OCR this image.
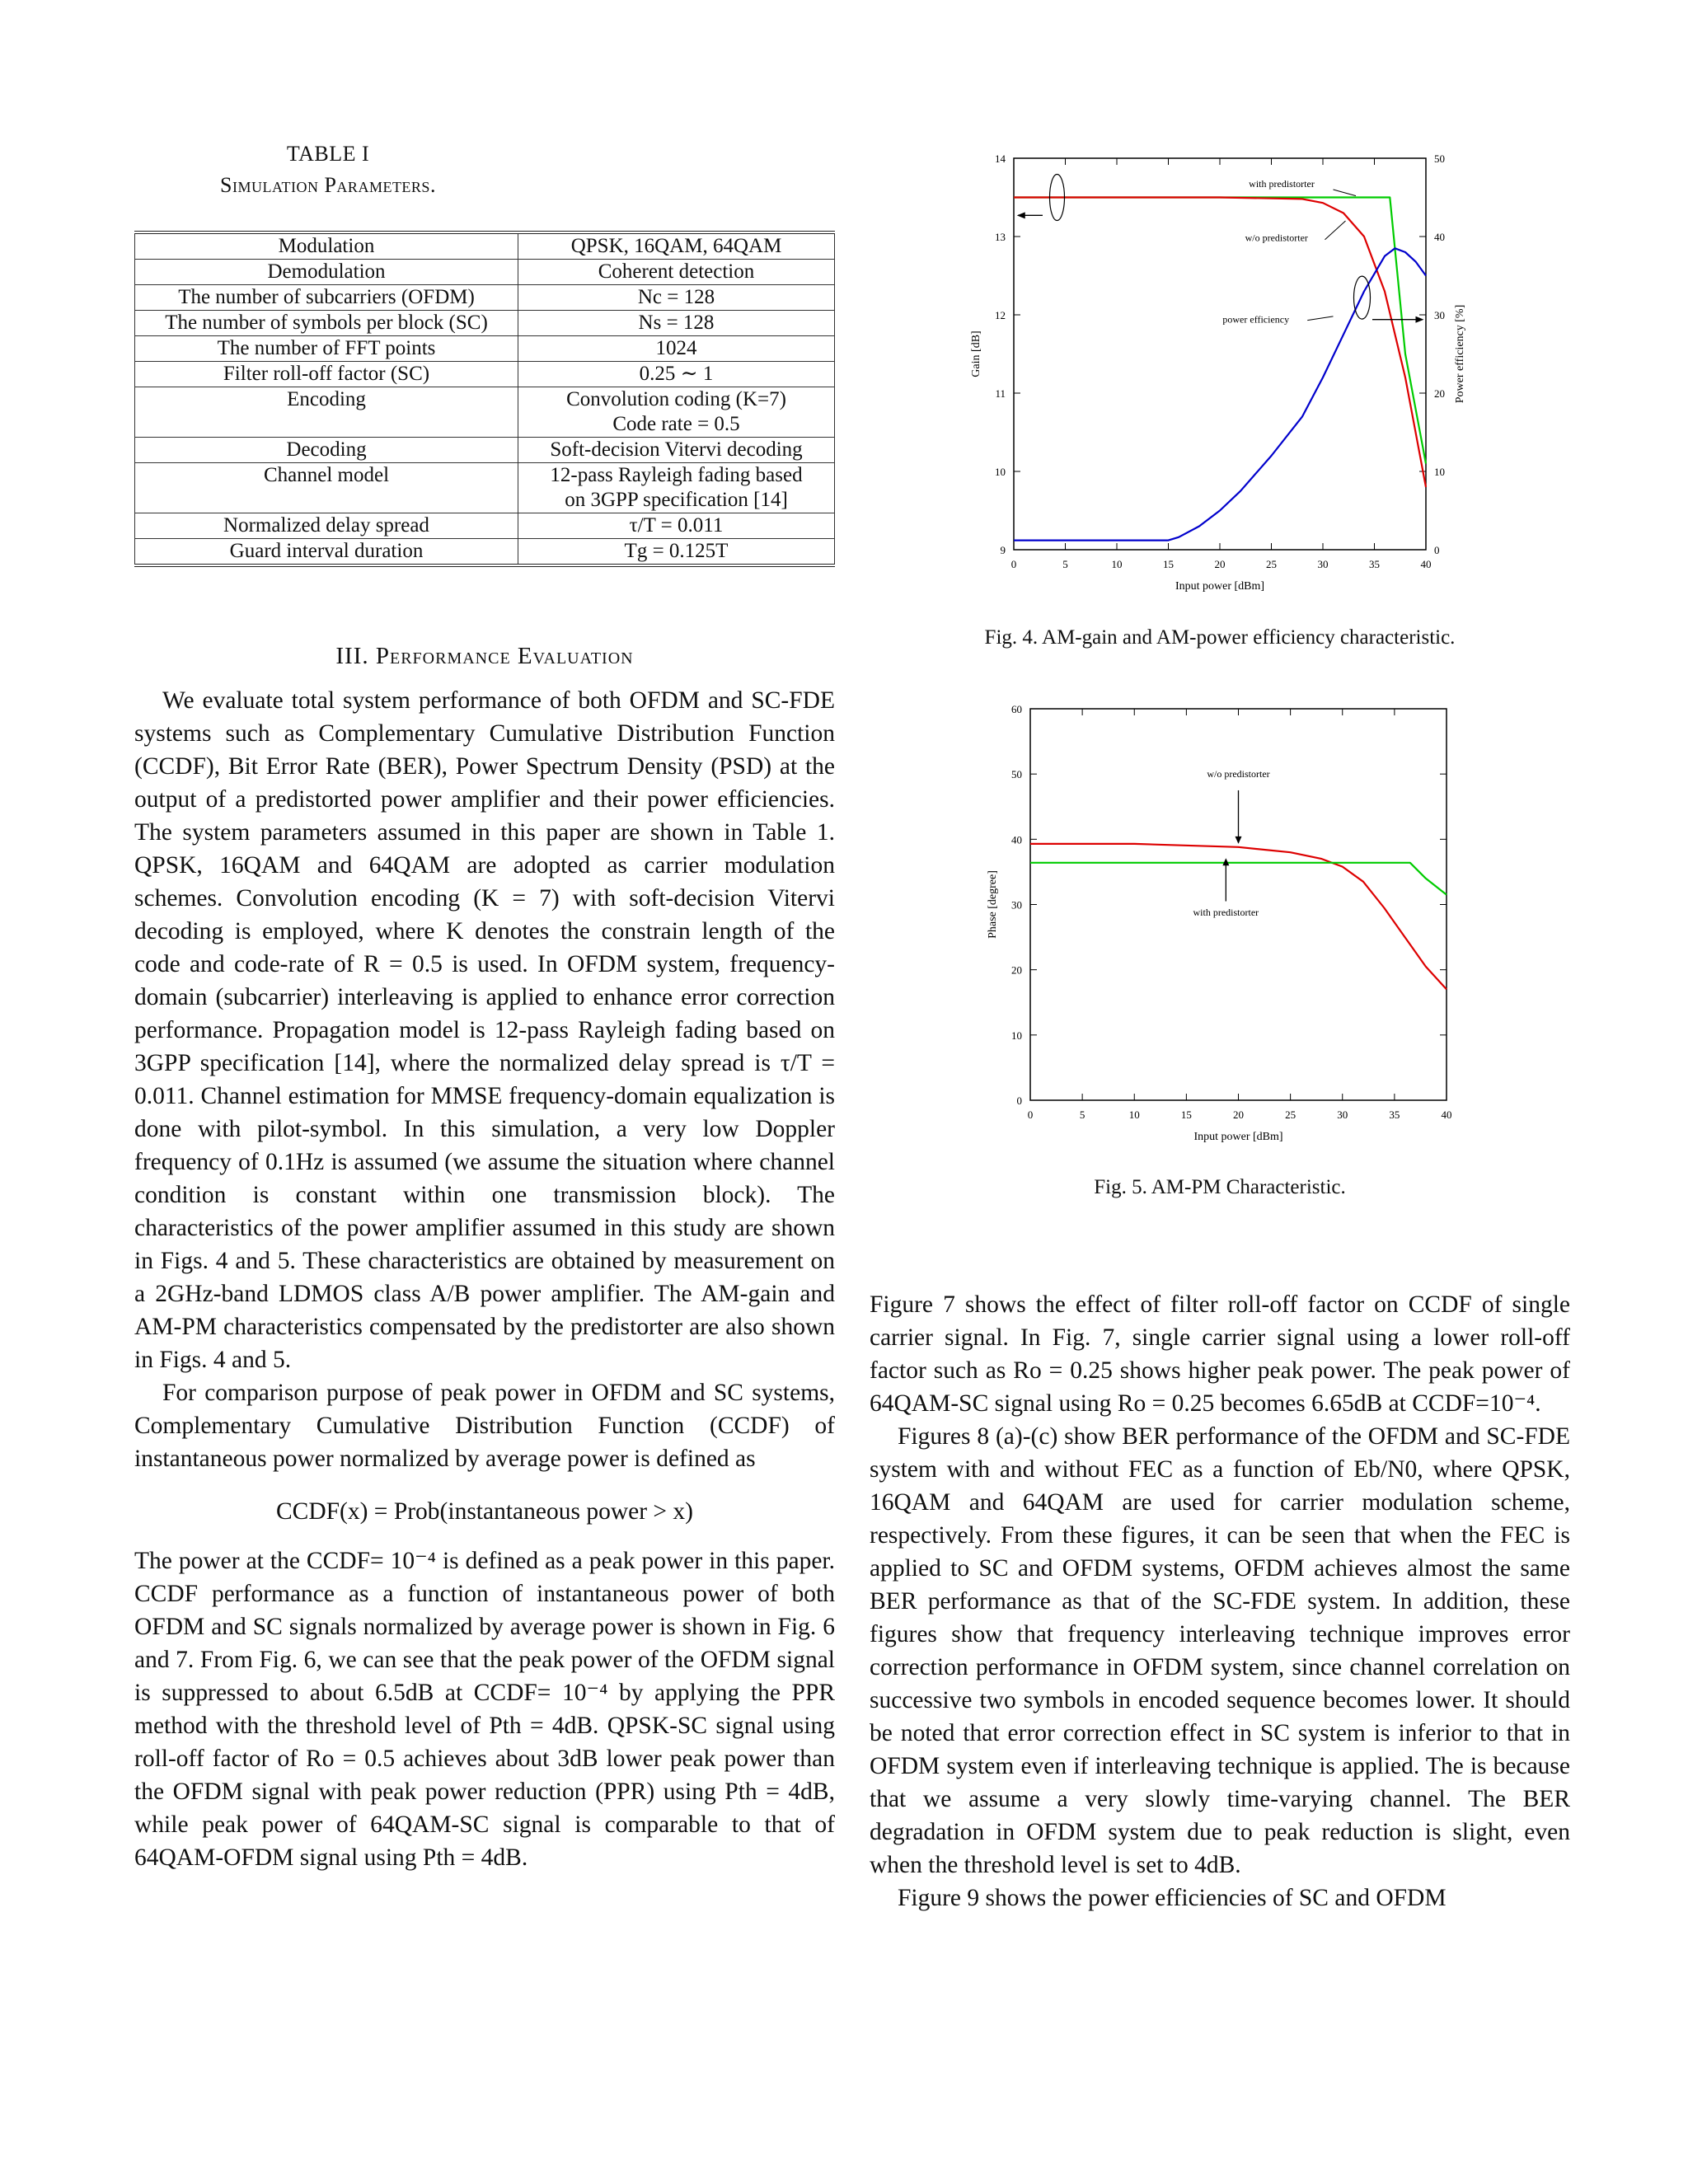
TABLE I
Simulation Parameters.
Modulation	QPSK, 16QAM, 64QAM

Demodulation	Coherent detection

The number of subcarriers (OFDM)	Nc = 128

The number of symbols per block (SC)	Ns = 128

The number of FFT points	1024

Filter roll-off factor (SC)	0.25 ∼ 1

Encoding	Convolution coding (K=7)
Code rate = 0.5

Decoding	Soft-decision Vitervi decoding

Channel model	12-pass Rayleigh fading based
on 3GPP specification [14]

Normalized delay spread	τ/T = 0.011

Guard interval duration	Tg = 0.125T
III. Performance Evaluation

We evaluate total system performance of both OFDM and SC-FDE systems such as Complementary Cumulative Distribution Function (CCDF), Bit Error Rate (BER), Power Spectrum Density (PSD) at the output of a predistorted power amplifier and their power efficiencies. The system parameters assumed in this paper are shown in Table 1. QPSK, 16QAM and 64QAM are adopted as carrier modulation schemes. Convolution encoding (K = 7) with soft-decision Vitervi decoding is employed, where K denotes the constrain length of the code and code-rate of R = 0.5 is used. In OFDM system, frequency-domain (subcarrier) interleaving is applied to enhance error correction performance. Propagation model is 12-pass Rayleigh fading based on 3GPP specification [14], where the normalized delay spread is τ/T = 0.011. Channel estimation for MMSE frequency-domain equalization is done with pilot-symbol. In this simulation, a very low Doppler frequency of 0.1Hz is assumed (we assume the situation where channel condition is constant within one transmission block). The characteristics of the power amplifier assumed in this study are shown in Figs. 4 and 5. These characteristics are obtained by measurement on a 2GHz-band LDMOS class A/B power amplifier. The AM-gain and AM-PM characteristics compensated by the predistorter are also shown in Figs. 4 and 5.

For comparison purpose of peak power in OFDM and SC systems, Complementary Cumulative Distribution Function (CCDF) of instantaneous power normalized by average power is defined as

CCDF(x) = Prob(instantaneous power > x)

The power at the CCDF= 10⁻⁴ is defined as a peak power in this paper. CCDF performance as a function of instantaneous power of both OFDM and SC signals normalized by average power is shown in Fig. 6 and 7. From Fig. 6, we can see that the peak power of the OFDM signal is suppressed to about 6.5dB at CCDF= 10⁻⁴ by applying the PPR method with the threshold level of Pth = 4dB. QPSK-SC signal using roll-off factor of Ro = 0.5 achieves about 3dB lower peak power than the OFDM signal with peak power reduction (PPR) using Pth = 4dB, while peak power of 64QAM-SC signal is comparable to that of 64QAM-OFDM signal using Pth = 4dB.

Figure 7 shows the effect of filter roll-off factor on CCDF of single carrier signal. In Fig. 7, single carrier signal using a lower roll-off factor such as Ro = 0.25 shows higher peak power. The peak power of 64QAM-SC signal using Ro = 0.25 becomes 6.65dB at CCDF=10⁻⁴.

Figures 8 (a)-(c) show BER performance of the OFDM and SC-FDE system with and without FEC as a function of Eb/N0, where QPSK, 16QAM and 64QAM are used for carrier modulation scheme, respectively. From these figures, it can be seen that when the FEC is applied to SC and OFDM systems, OFDM achieves almost the same BER performance as that of the SC-FDE system. In addition, these figures show that frequency interleaving technique improves error correction performance in OFDM system, since channel correlation on successive two symbols in encoded sequence becomes lower. It should be noted that error correction effect in SC system is inferior to that in OFDM system even if interleaving technique is applied. The is because that we assume a very slowly time-varying channel. The BER degradation in OFDM system due to peak reduction is slight, even when the threshold level is set to 4dB.

Figure 9 shows the power efficiencies of SC and OFDM

0	5	10	15	20	25	30	35	40
9
10
11
12
13
14
0
10
20
30
40
50
Input power [dBm]
Gain [dB]	Power efficiency [%]
with predistorter
w/o predistorter
power efficiency
Fig. 4. AM-gain and AM-power efficiency characteristic.
0	5	10	15	20	25	30	35	40
0
10
20
30
40
50
60
Input power [dBm]
Phase [degree]
w/o predistorter
with predistorter
Fig. 5. AM-PM Characteristic.
